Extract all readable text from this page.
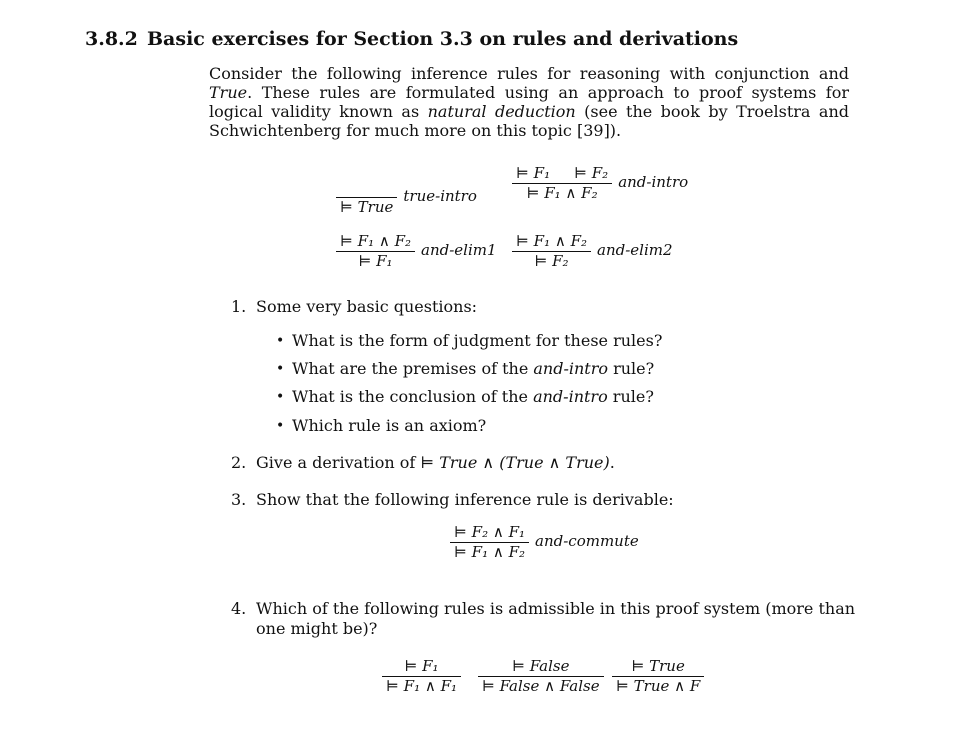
3.8.2 Basic exercises for Section 3.3 on rules and derivations

Consider the following inference rules for reasoning with conjunction and True. These rules are formulated using an approach to proof systems for logical validity known as natural deduction (see the book by Troelstra and Schwichtenberg for much more on this topic [39]).

⊨ True
true-intro $\frac{\text{⊨ F₁ ⊨ F₂}}{\text{⊨ F₁ ∧ F₂}}$ and-intro
$\frac{\text{⊨ F₁ ∧ F₂}}{\text{⊨ F₁}} and-elim1 \frac{\text{⊨ F₁ ∧ F₂}}{\text{⊨ F₂}} and-elim2$
1. Some very basic questions:
• What is the form of judgment for these rules?
• What are the premises of the and-intro rule?
• What is the conclusion of the and-intro rule?
• Which rule is an axiom?
2. Give a derivation of ⊨ True ∧ (True ∧ True).
3. Show that the following inference rule is derivable:
$\frac{\text{⊨ F₂ ∧ F₁}}{\text{⊨ F₁ ∧ F₂}}$ and-commute
4. Which of the following rules is admissible in this proof system (more than
one might be)?
$\frac{\text{⊨ F₁}}{\text{⊨ F₁ ∧ F₁}} \frac{\text{⊨ False}}{\text{⊨ False ∧ False}} \frac{\text{⊨ True}}{\text{⊨ True ∧ F}}$
